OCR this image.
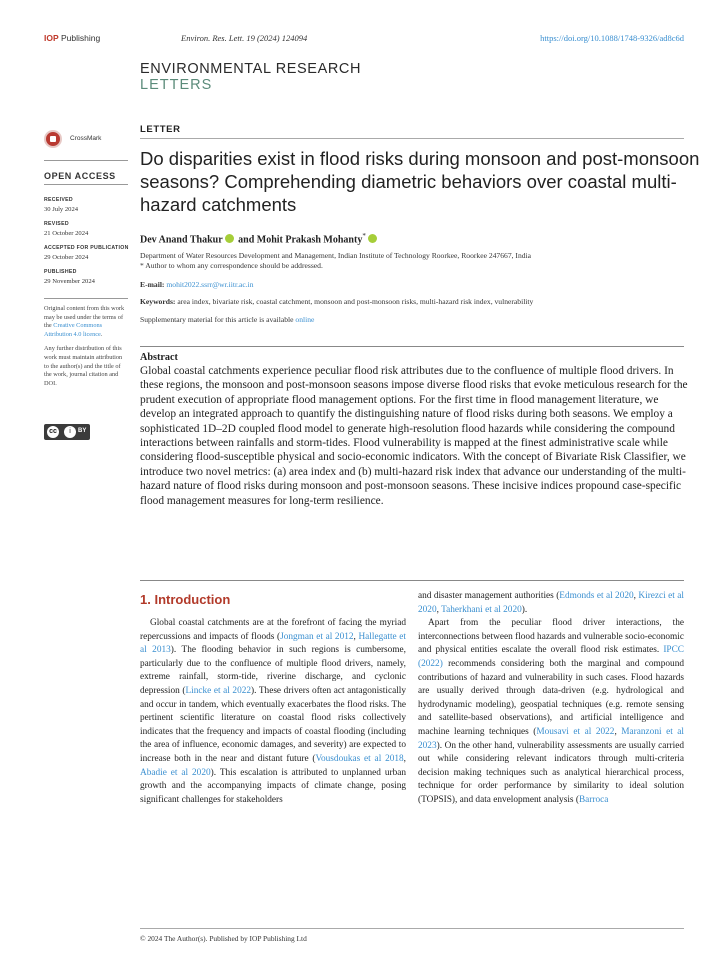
IOP Publishing	Environ. Res. Lett. 19 (2024) 124094	https://doi.org/10.1088/1748-9326/ad8c6d
ENVIRONMENTAL RESEARCH
LETTERS
CrossMark
OPEN ACCESS
RECEIVED
30 July 2024
REVISED
21 October 2024
ACCEPTED FOR PUBLICATION
29 October 2024
PUBLISHED
29 November 2024

Original content from this work may be used under the terms of the Creative Commons Attribution 4.0 licence.

Any further distribution of this work must maintain attribution to the author(s) and the title of the work, journal citation and DOI.

cc	i	BY
LETTER
Do disparities exist in flood risks during monsoon and post-monsoon seasons? Comprehending diametric behaviors over coastal multi-hazard catchments
Dev Anand Thakur and Mohit Prakash Mohanty*
Department of Water Resources Development and Management, Indian Institute of Technology Roorkee, Roorkee 247667, India
* Author to whom any correspondence should be addressed.
E-mail: mohit2022.ssrr@wr.iitr.ac.in
Keywords: area index, bivariate risk, coastal catchment, monsoon and post-monsoon risks, multi-hazard risk index, vulnerability
Supplementary material for this article is available online
Abstract

Global coastal catchments experience peculiar flood risk attributes due to the confluence of multiple flood drivers. In these regions, the monsoon and post-monsoon seasons impose diverse flood risks that evoke meticulous research for the prudent execution of appropriate flood management options. For the first time in flood management literature, we develop an integrated approach to quantify the distinguishing nature of flood risks during both seasons. We employ a sophisticated 1D–2D coupled flood model to generate high-resolution flood hazards while considering the compound interactions between rainfalls and storm-tides. Flood vulnerability is mapped at the finest administrative scale while considering flood-susceptible physical and socio-economic indicators. With the concept of Bivariate Risk Classifier, we introduce two novel metrics: (a) area index and (b) multi-hazard risk index that advance our understanding of the multi-hazard nature of flood risks during monsoon and post-monsoon seasons. These incisive indices propound case-specific flood management measures for long-term resilience.

1. Introduction

Global coastal catchments are at the forefront of facing the myriad repercussions and impacts of floods (Jongman et al 2012, Hallegatte et al 2013). The flooding behavior in such regions is cumbersome, particularly due to the confluence of multiple flood drivers, namely, extreme rainfall, storm-tide, riverine discharge, and cyclonic depression (Lincke et al 2022). These drivers often act antagonistically and occur in tandem, which eventually exacerbates the flood risks. The pertinent scientific literature on coastal flood risks collectively indicates that the frequency and impacts of coastal flooding (including the area of influence, economic damages, and severity) are expected to increase both in the near and distant future (Vousdoukas et al 2018, Abadie et al 2020). This escalation is attributed to unplanned urban growth and the accompanying impacts of climate change, posing significant challenges for stakeholders

and disaster management authorities (Edmonds et al 2020, Kirezci et al 2020, Taherkhani et al 2020).

Apart from the peculiar flood driver interactions, the interconnections between flood hazards and vulnerable socio-economic and physical entities escalate the overall flood risk estimates. IPCC (2022) recommends considering both the marginal and compound contributions of hazard and vulnerability in such cases. Flood hazards are usually derived through data-driven (e.g. hydrological and hydrodynamic modeling), geospatial techniques (e.g. remote sensing and satellite-based observations), and artificial intelligence and machine learning techniques (Mousavi et al 2022, Maranzoni et al 2023). On the other hand, vulnerability assessments are usually carried out while considering relevant indicators through multi-criteria decision making techniques such as analytical hierarchical process, technique for order performance by similarity to ideal solution (TOPSIS), and data envelopment analysis (Barroca

© 2024 The Author(s). Published by IOP Publishing Ltd
